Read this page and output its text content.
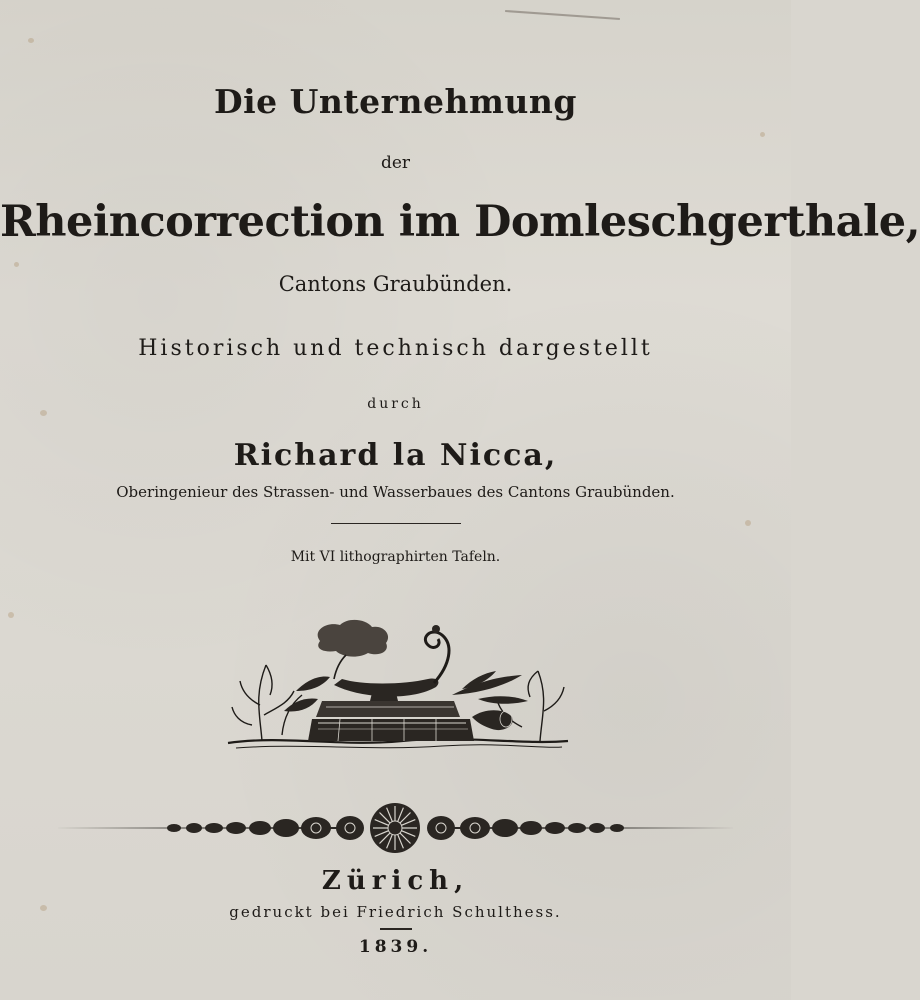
Die Unternehmung
der
Rheincorrection im Domleschgerthale,
Cantons Graubünden.
Historisch und technisch dargestellt
durch
Richard la Nicca,
Oberingenieur des Strassen- und Wasserbaues des Cantons Graubünden.
Mit VI lithographirten Tafeln.
Zürich,
gedruckt bei Friedrich Schulthess.
1839.
